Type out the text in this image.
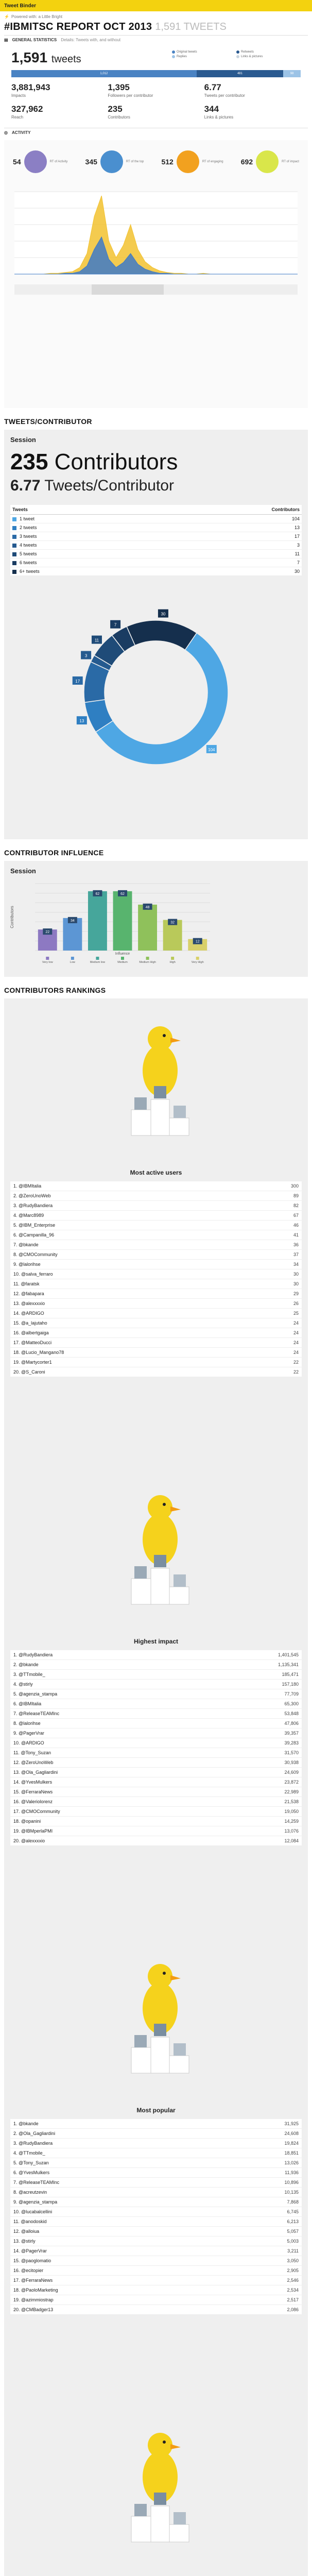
Tweet Binder
⚡ Powered with: a Little Bright
#IBMITSC REPORT OCT 2013 1,591 TWEETS
▤ GENERAL STATISTICS Details: Tweets with, and without
1,591 tweets
Original tweets	Retweets
Replies	Links & pictures
1,012	481	98
3,881,943
Impacts
1,395
Followers per contributor
6.77
Tweets per contributor
327,962
Reach
235
Contributors
344
Links & pictures
◎ ACTIVITY
54	RT of Activity 345	RT of the top 512	RT of engaging 692	RT of impact
TWEETS/CONTRIBUTOR
Session
235 Contributors
6.77 Tweets/Contributor
Tweets	Contributors
1 tweet	104
2 tweets	13
3 tweets	17
4 tweets	3
5 tweets	11
6 tweets	7
6+ tweets	30
104
13
17
3
11
7
30
CONTRIBUTOR INFLUENCE
Session
Contributors
22
Very low
34
Low
62
Medium low
62
Medium
48
Medium High
32
High
12
Very High
Influence
CONTRIBUTORS RANKINGS
Most active users
1. @IBMItalia	300
2. @ZeroUnoWeb	89
3. @RudyBandiera	82
4. @Marc8989	67
5. @IBM_Enterprise	46
6. @Campanilla_96	41
7. @bkande	36
8. @CMOCommunity	37
9. @lalorihse	34
10. @salva_ferraro	30
11. @faratsk	30
12. @fabapara	29
13. @alexxxxio	26
14. @ARDIGO	25
15. @a_lajutaho	24
16. @albertgaiga	24
17. @MatteoDucci	24
18. @Lucio_Mangano78	24
19. @Martycorter1	22
20. @S_Caroni	22
Highest impact
1. @RudyBandiera	1,401,545
2. @bkande	1,135,341
3. @TTmobile_	185,471
4. @stirly	157,180
5. @agenzia_stampa	77,709
6. @IBMItalia	65,300
7. @ReleaseTEAMInc	53,848
8. @lalorihse	47,806
9. @PagerVrar	39,357
10. @ARDIGO	39,283
11. @Tony_Suzan	31,570
12. @ZeroUnoWeb	30,938
13. @Ola_Gagliardini	24,609
14. @YvesMulkers	23,872
15. @FerraraNews	22,989
16. @Valeriolorenz	21,538
17. @CMOCommunity	19,050
18. @opanini	14,259
19. @IBMperlaPMI	13,076
20. @alexxxxio	12,084
Most popular
1. @bkande	31,925
2. @Ola_Gagliardini	24,608
3. @RudyBandiera	19,824
4. @TTmobile_	18,851
5. @Tony_Suzan	13,026
6. @YvesMulkers	11,936
7. @ReleaseTEAMInc	10,896
8. @acreutzevin	10,135
9. @agenzia_stampa	7,868
10. @lucabalcellini	6,745
11. @anodoskid	6,213
12. @alloiua	5,057
13. @stirly	5,003
14. @PagerVrar	3,211
15. @paoglomatio	3,050
16. @ecitopier	2,905
17. @FerraraNews	2,546
18. @PaoloMarketing	2,534
19. @azimmiostrap	2,517
20. @CMBadger13	2,086
